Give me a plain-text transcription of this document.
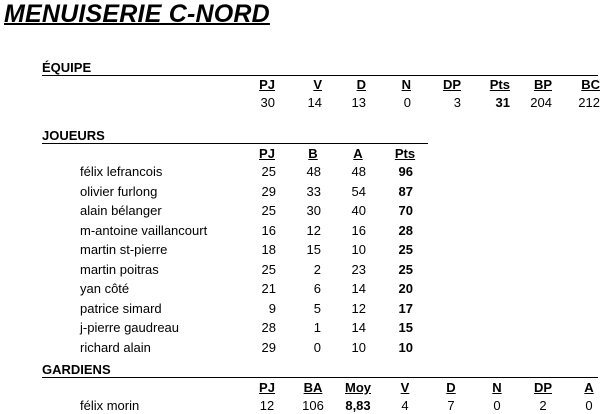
MENUISERIE C-NORD
ÉQUIPE
PJ	V	D	N	DP	Pts	BP	BC
30	14	13	0	3	31	204	212
JOUEURS
PJ	B	A	Pts
félix lefrancois	25	48	48	96
olivier furlong	29	33	54	87
alain bélanger	25	30	40	70
m-antoine vaillancourt	16	12	16	28
martin st-pierre	18	15	10	25
martin poitras	25	2	23	25
yan côté	21	6	14	20
patrice simard	9	5	12	17
j-pierre gaudreau	28	1	14	15
richard alain	29	0	10	10
GARDIENS
PJ	BA	Moy	V	D	N	DP	A
félix morin	12	106	8,83	4	7	0	2	0
